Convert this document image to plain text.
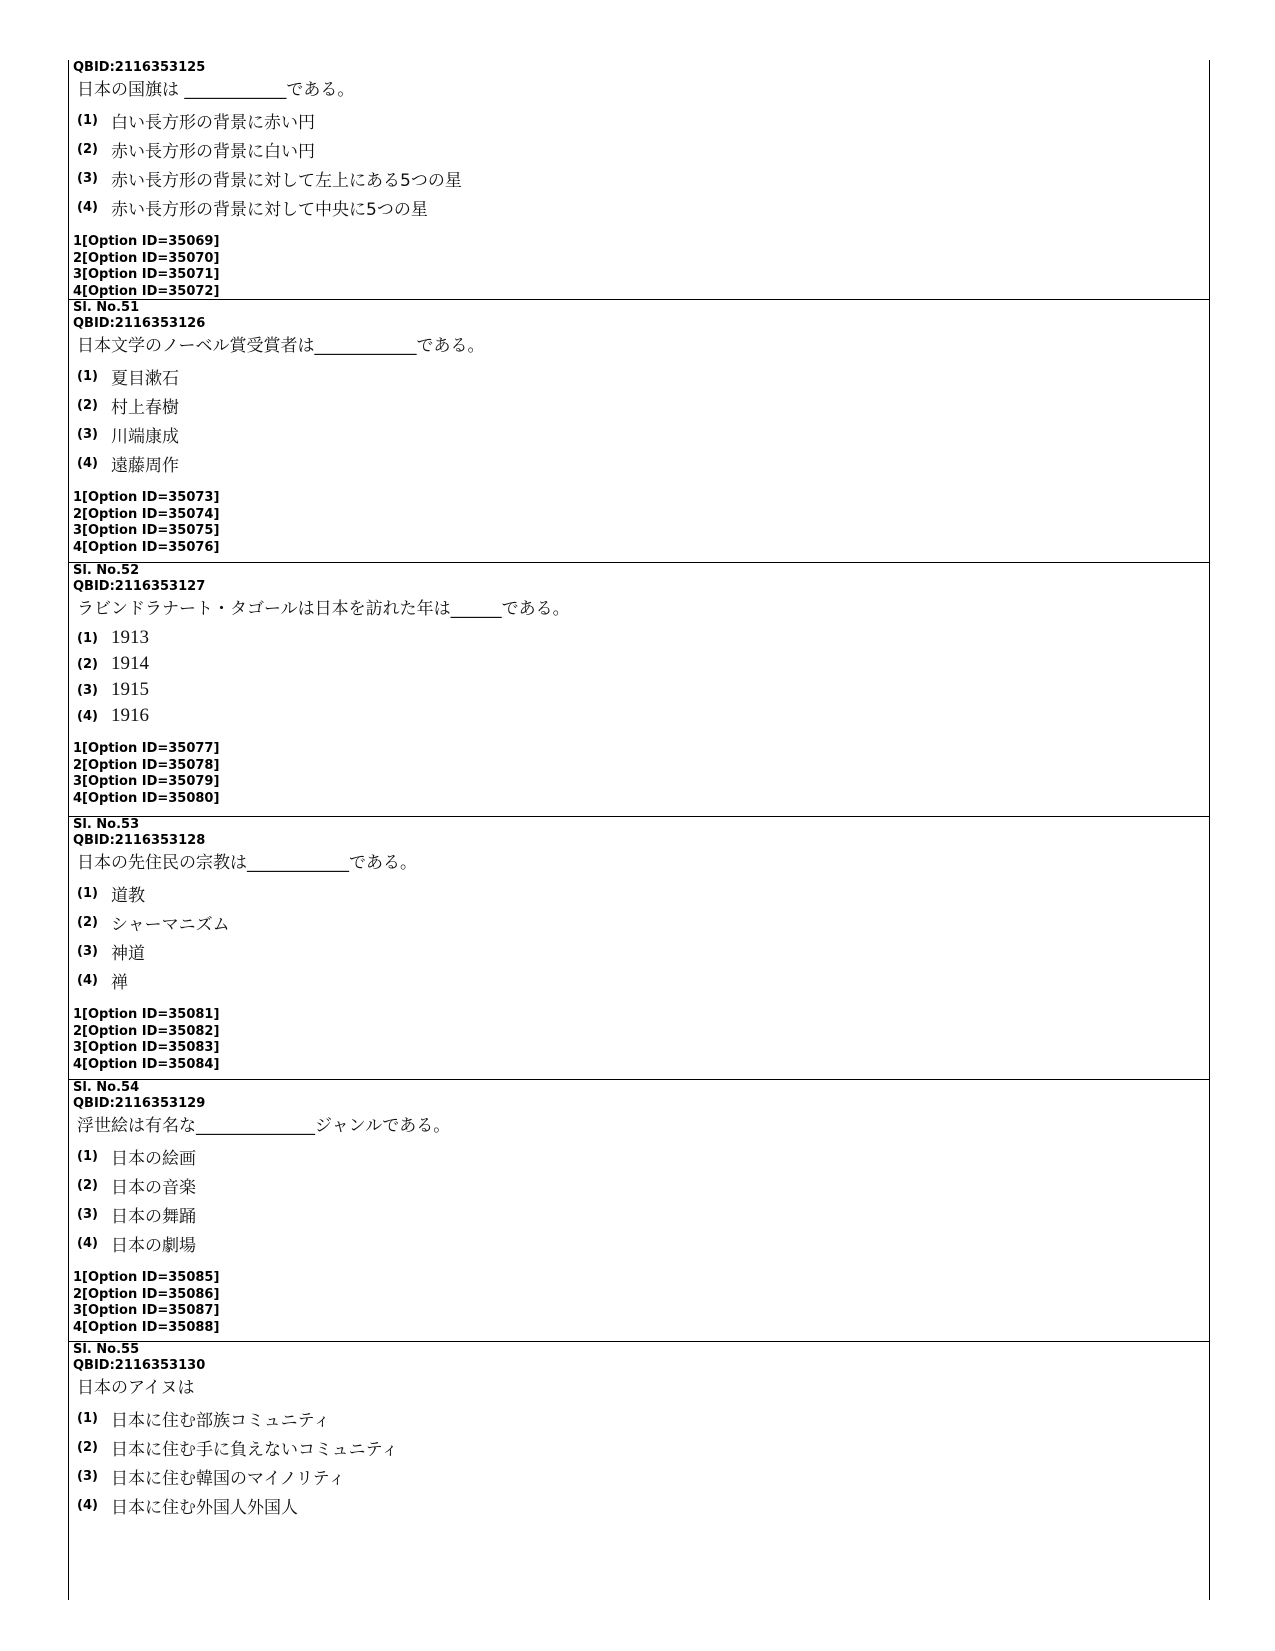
QBID:2116353125
日本の国旗は ____________である。
(1) 白い長方形の背景に赤い円
(2) 赤い長方形の背景に白い円
(3) 赤い長方形の背景に対して左上にある5つの星
(4) 赤い長方形の背景に対して中央に5つの星
1[Option ID=35069]
2[Option ID=35070]
3[Option ID=35071]
4[Option ID=35072]
Sl. No.51
QBID:2116353126
日本文学のノーベル賞受賞者は____________である。
(1) 夏目漱石
(2) 村上春樹
(3) 川端康成
(4) 遠藤周作
1[Option ID=35073]
2[Option ID=35074]
3[Option ID=35075]
4[Option ID=35076]
Sl. No.52
QBID:2116353127
ラビンドラナート・タゴールは日本を訪れた年は______である。
(1) 1913
(2) 1914
(3) 1915
(4) 1916
1[Option ID=35077]
2[Option ID=35078]
3[Option ID=35079]
4[Option ID=35080]
Sl. No.53
QBID:2116353128
日本の先住民の宗教は____________である。
(1) 道教
(2) シャーマニズム
(3) 神道
(4) 禅
1[Option ID=35081]
2[Option ID=35082]
3[Option ID=35083]
4[Option ID=35084]
Sl. No.54
QBID:2116353129
浮世絵は有名な______________ジャンルである。
(1) 日本の絵画
(2) 日本の音楽
(3) 日本の舞踊
(4) 日本の劇場
1[Option ID=35085]
2[Option ID=35086]
3[Option ID=35087]
4[Option ID=35088]
Sl. No.55
QBID:2116353130
日本のアイヌは
(1) 日本に住む部族コミュニティ
(2) 日本に住む手に負えないコミュニティ
(3) 日本に住む韓国のマイノリティ
(4) 日本に住む外国人外国人
